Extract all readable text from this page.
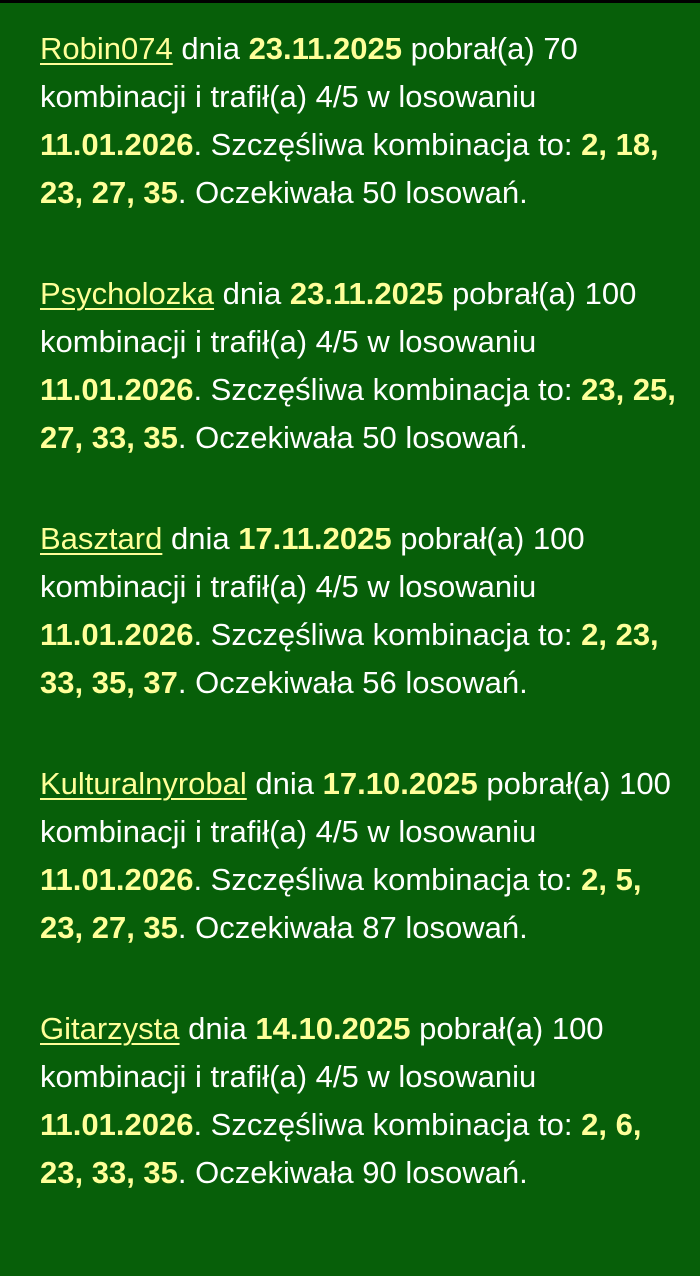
Robin074 dnia 23.11.2025 pobrał(a) 70 kombinacji i trafił(a) 4/5 w losowaniu 11.01.2026. Szczęśliwa kombinacja to: 2, 18, 23, 27, 35. Oczekiwała 50 losowań.

Psycholozka dnia 23.11.2025 pobrał(a) 100 kombinacji i trafił(a) 4/5 w losowaniu 11.01.2026. Szczęśliwa kombinacja to: 23, 25, 27, 33, 35. Oczekiwała 50 losowań.

Basztard dnia 17.11.2025 pobrał(a) 100 kombinacji i trafił(a) 4/5 w losowaniu 11.01.2026. Szczęśliwa kombinacja to: 2, 23, 33, 35, 37. Oczekiwała 56 losowań.

Kulturalnyrobal dnia 17.10.2025 pobrał(a) 100 kombinacji i trafił(a) 4/5 w losowaniu 11.01.2026. Szczęśliwa kombinacja to: 2, 5, 23, 27, 35. Oczekiwała 87 losowań.

Gitarzysta dnia 14.10.2025 pobrał(a) 100 kombinacji i trafił(a) 4/5 w losowaniu 11.01.2026. Szczęśliwa kombinacja to: 2, 6, 23, 33, 35. Oczekiwała 90 losowań.
